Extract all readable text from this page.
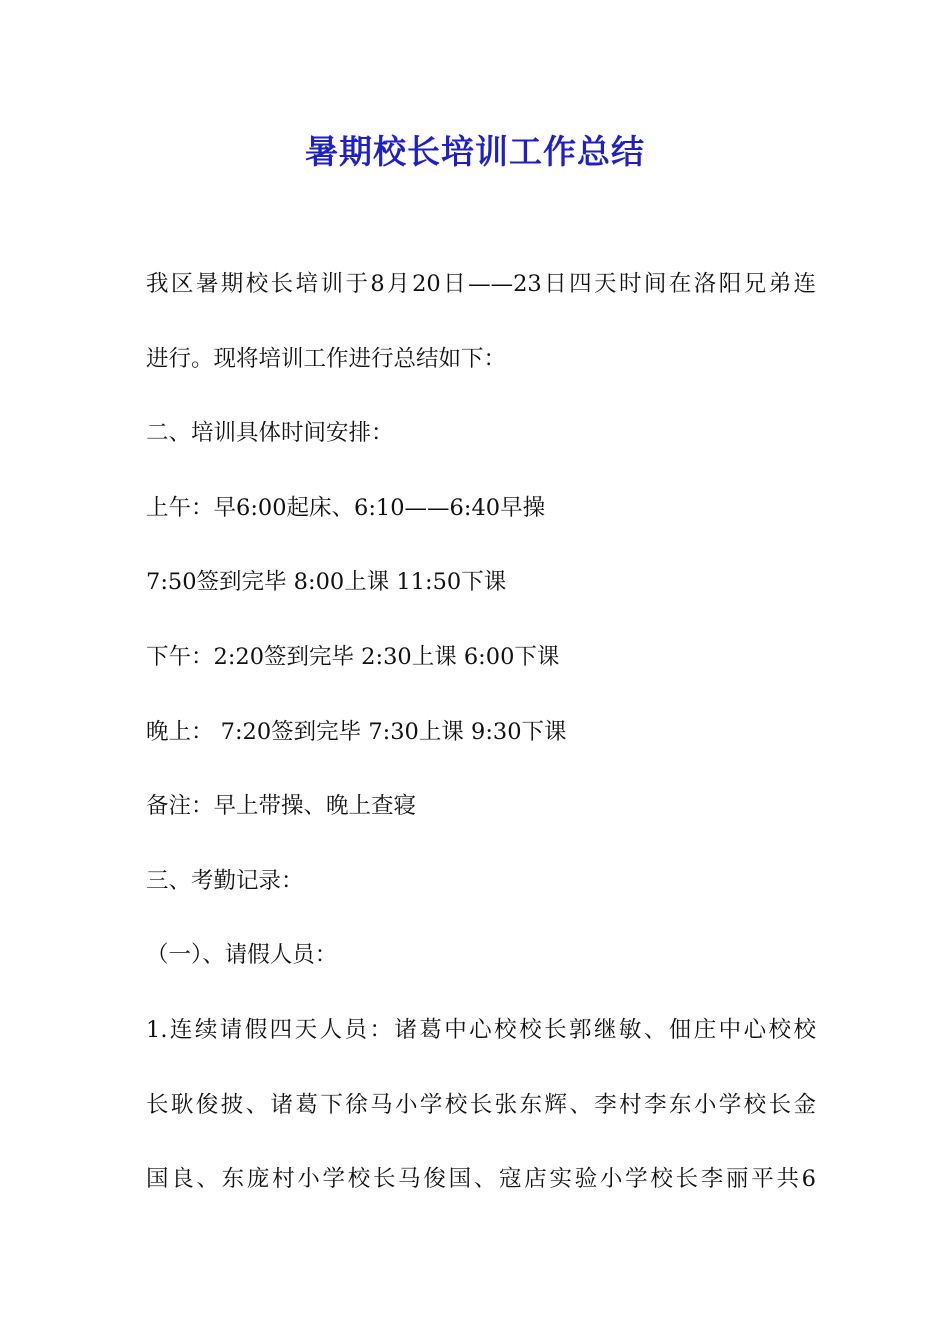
暑期校长培训工作总结

我区暑期校长培训于8月20日——23日四天时间在洛阳兄弟连

进行。现将培训工作进行总结如下：

二、培训具体时间安排：

上午：早6:00起床、6:10——6:40早操

7:50签到完毕 8:00上课 11:50下课

下午：2:20签到完毕 2:30上课 6:00下课

晚上： 7:20签到完毕 7:30上课 9:30下课

备注：早上带操、晚上查寝

三、考勤记录：

（一）、请假人员：

1.连续请假四天人员：诸葛中心校校长郭继敏、佃庄中心校校

长耿俊披、诸葛下徐马小学校长张东辉、李村李东小学校长金

国良、东庞村小学校长马俊国、寇店实验小学校长李丽平共6
